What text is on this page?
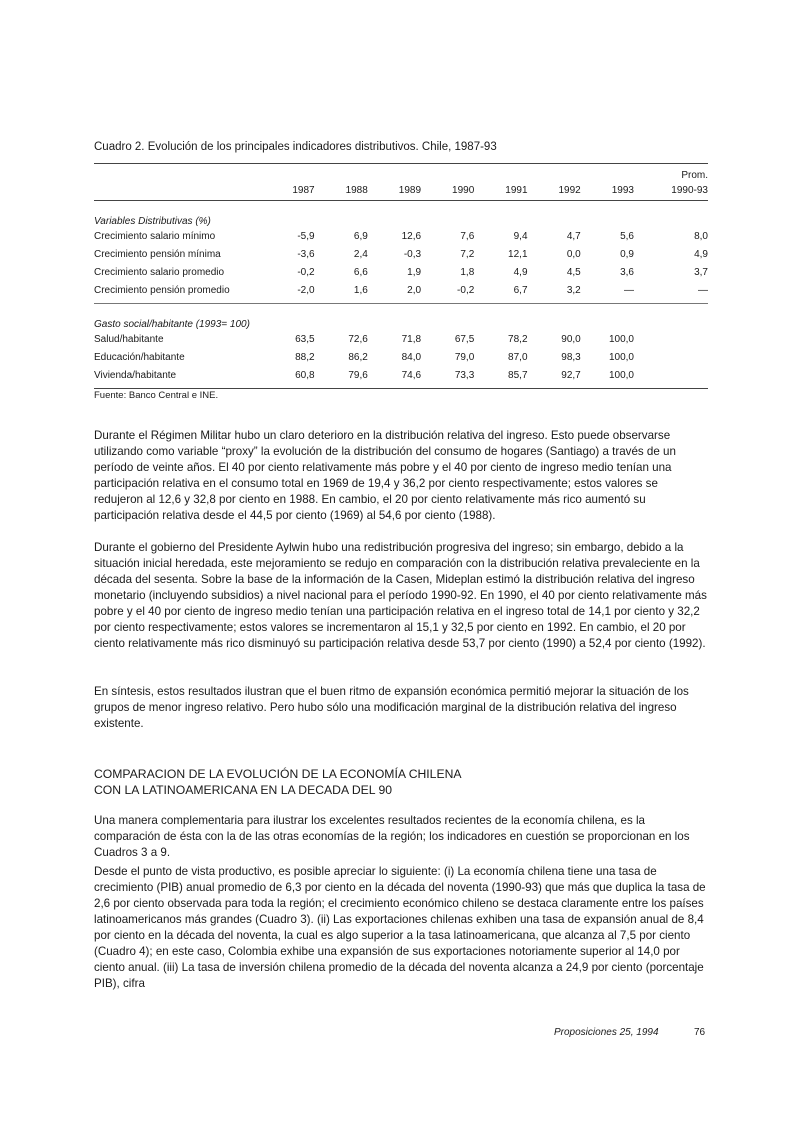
Cuadro 2. Evolución de los principales indicadores distributivos. Chile, 1987-93

								Prom.
	1987	1988	1989	1990	1991	1992	1993	1990-93
Variables Distributivas (%)								
Crecimiento salario mínimo	-5,9	6,9	12,6	7,6	9,4	4,7	5,6	8,0
Crecimiento pensión mínima	-3,6	2,4	-0,3	7,2	12,1	0,0	0,9	4,9
Crecimiento salario promedio	-0,2	6,6	1,9	1,8	4,9	4,5	3,6	3,7
Crecimiento pensión promedio	-2,0	1,6	2,0	-0,2	6,7	3,2	—	—

Gasto social/habitante (1993= 100)								
Salud/habitante	63,5	72,6	71,8	67,5	78,2	90,0	100,0	
Educación/habitante	88,2	86,2	84,0	79,0	87,0	98,3	100,0	
Vivienda/habitante	60,8	79,6	74,6	73,3	85,7	92,7	100,0	

Fuente: Banco Central e INE.

Durante el Régimen Militar hubo un claro deterioro en la distribución relativa del ingreso. Esto puede observarse utilizando como variable “proxy” la evolución de la distribución del consumo de hogares (Santiago) a través de un período de veinte años. El 40 por ciento relativamente más pobre y el 40 por ciento de ingreso medio tenían una participación relativa en el consumo total en 1969 de 19,4 y 36,2 por ciento respectivamente; estos valores se redujeron al 12,6 y 32,8 por ciento en 1988. En cambio, el 20 por ciento relativamente más rico aumentó su participación relativa desde el 44,5 por ciento (1969) al 54,6 por ciento (1988).

Durante el gobierno del Presidente Aylwin hubo una redistribución progresiva del ingreso; sin embargo, debido a la situación inicial heredada, este mejoramiento se redujo en comparación con la distribución relativa prevaleciente en la década del sesenta. Sobre la base de la información de la Casen, Mideplan estimó la distribución relativa del ingreso monetario (incluyendo subsidios) a nivel nacional para el período 1990-92. En 1990, el 40 por ciento relativamente más pobre y el 40 por ciento de ingreso medio tenían una participación relativa en el ingreso total de 14,1 por ciento y 32,2 por ciento respectivamente; estos valores se incrementaron al 15,1 y 32,5 por ciento en 1992. En cambio, el 20 por ciento relativamente más rico disminuyó su participación relativa desde 53,7 por ciento (1990) a 52,4 por ciento (1992).

En síntesis, estos resultados ilustran que el buen ritmo de expansión económica permitió mejorar la situación de los grupos de menor ingreso relativo. Pero hubo sólo una modificación marginal de la distribución relativa del ingreso existente.

COMPARACION DE LA EVOLUCIÓN DE LA ECONOMÍA CHILENA
CON LA LATINOAMERICANA EN LA DECADA DEL 90

Una manera complementaria para ilustrar los excelentes resultados recientes de la economía chilena, es la comparación de ésta con la de las otras economías de la región; los indicadores en cuestión se proporcionan en los Cuadros 3 a 9.

Desde el punto de vista productivo, es posible apreciar lo siguiente: (i) La economía chilena tiene una tasa de crecimiento (PIB) anual promedio de 6,3 por ciento en la década del noventa (1990-93) que más que duplica la tasa de 2,6 por ciento observada para toda la región; el crecimiento económico chileno se destaca claramente entre los países latinoamericanos más grandes (Cuadro 3). (ii) Las exportaciones chilenas exhiben una tasa de expansión anual de 8,4 por ciento en la década del noventa, la cual es algo superior a la tasa latinoamericana, que alcanza al 7,5 por ciento (Cuadro 4); en este caso, Colombia exhibe una expansión de sus exportaciones notoriamente superior al 14,0 por ciento anual. (iii) La tasa de inversión chilena promedio de la década del noventa alcanza a 24,9 por ciento (porcentaje PIB), cifra

Proposiciones 25, 1994	76
